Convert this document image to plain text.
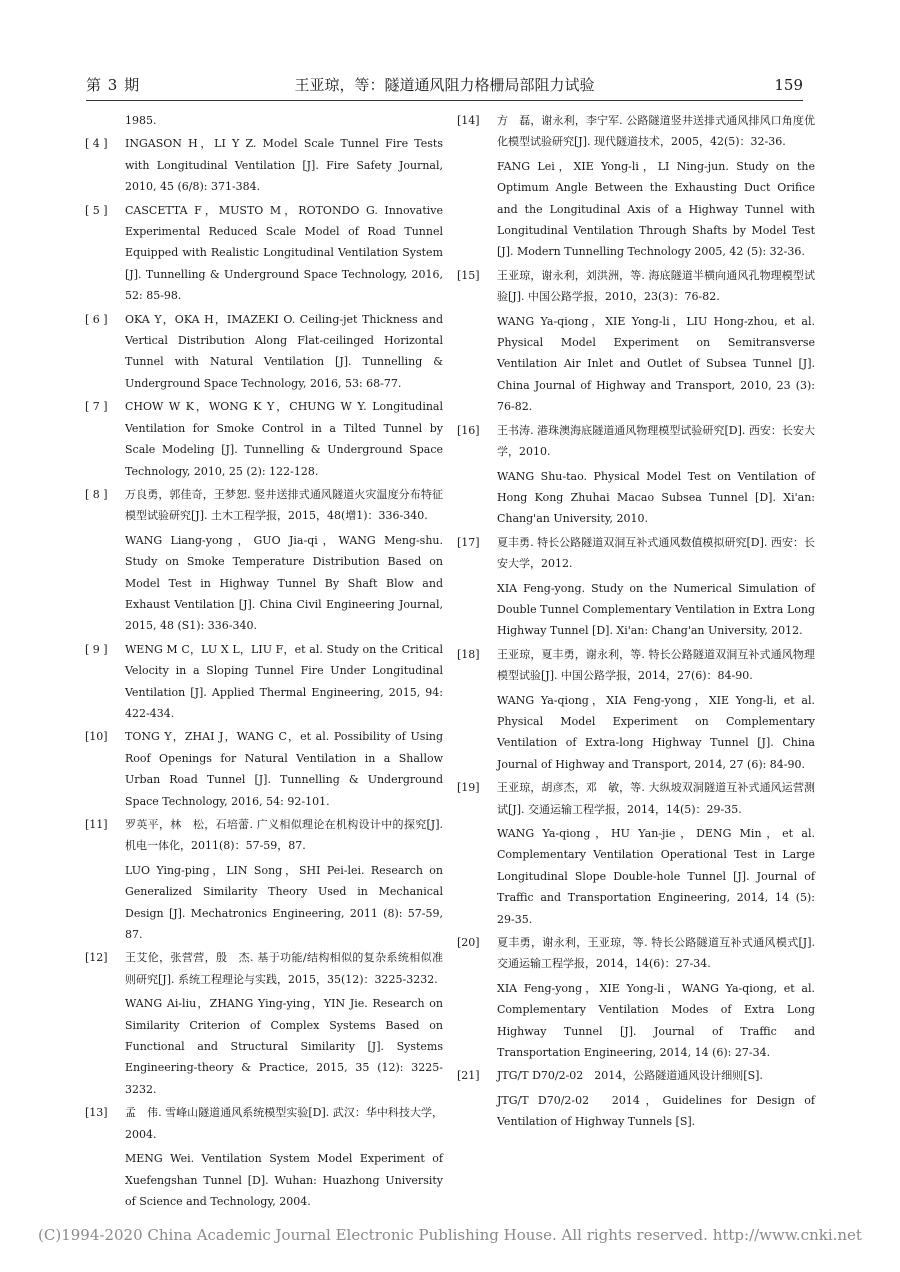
第 3 期	王亚琼，等：隧道通风阻力格栅局部阻力试验	159

1985.

[ 4 ]	INGASON H，LI Y Z. Model Scale Tunnel Fire Tests with Longitudinal Ventilation [J]. Fire Safety Journal, 2010, 45 (6/8): 371-384.

[ 5 ]	CASCETTA F，MUSTO M，ROTONDO G. Innovative Experimental Reduced Scale Model of Road Tunnel Equipped with Realistic Longitudinal Ventilation System [J]. Tunnelling & Underground Space Technology, 2016, 52: 85-98.

[ 6 ]	OKA Y，OKA H，IMAZEKI O. Ceiling-jet Thickness and Vertical Distribution Along Flat-ceilinged Horizontal Tunnel with Natural Ventilation [J]. Tunnelling & Underground Space Technology, 2016, 53: 68-77.

[ 7 ]	CHOW W K，WONG K Y，CHUNG W Y. Longitudinal Ventilation for Smoke Control in a Tilted Tunnel by Scale Modeling [J]. Tunnelling & Underground Space Technology, 2010, 25 (2): 122-128.

[ 8 ]	万良勇，郭佳奇，王梦恕. 竖井送排式通风隧道火灾温度分布特征模型试验研究[J]. 土木工程学报，2015，48(增1)：336-340.

WANG Liang-yong，GUO Jia-qi，WANG Meng-shu. Study on Smoke Temperature Distribution Based on Model Test in Highway Tunnel By Shaft Blow and Exhaust Ventilation [J]. China Civil Engineering Journal, 2015, 48 (S1): 336-340.

[ 9 ]	WENG M C，LU X L，LIU F，et al. Study on the Critical Velocity in a Sloping Tunnel Fire Under Longitudinal Ventilation [J]. Applied Thermal Engineering, 2015, 94: 422-434.

[10]	TONG Y，ZHAI J，WANG C，et al. Possibility of Using Roof Openings for Natural Ventilation in a Shallow Urban Road Tunnel [J]. Tunnelling & Underground Space Technology, 2016, 54: 92-101.

[11]	罗英平，林　松，石培蕾. 广义相似理论在机构设计中的探究[J]. 机电一体化，2011(8)：57-59，87.

LUO Ying-ping，LIN Song，SHI Pei-lei. Research on Generalized Similarity Theory Used in Mechanical Design [J]. Mechatronics Engineering, 2011 (8): 57-59, 87.

[12]	王艾伦，张营营，殷　杰. 基于功能/结构相似的复杂系统相似准则研究[J]. 系统工程理论与实践，2015，35(12)：3225-3232.

WANG Ai-liu，ZHANG Ying-ying，YIN Jie. Research on Similarity Criterion of Complex Systems Based on Functional and Structural Similarity [J]. Systems Engineering-theory & Practice, 2015, 35 (12): 3225-3232.

[13]	孟　伟. 雪峰山隧道通风系统模型实验[D]. 武汉：华中科技大学，2004.

MENG Wei. Ventilation System Model Experiment of Xuefengshan Tunnel [D]. Wuhan: Huazhong University of Science and Technology, 2004.

[14]	方　磊，谢永利，李宁军. 公路隧道竖井送排式通风排风口角度优化模型试验研究[J]. 现代隧道技术，2005，42(5)：32-36.

FANG Lei，XIE Yong-li，LI Ning-jun. Study on the Optimum Angle Between the Exhausting Duct Orifice and the Longitudinal Axis of a Highway Tunnel with Longitudinal Ventilation Through Shafts by Model Test [J]. Modern Tunnelling Technology 2005, 42 (5): 32-36.

[15]	王亚琼，谢永利，刘洪洲，等. 海底隧道半横向通风孔物理模型试验[J]. 中国公路学报，2010，23(3)：76-82.

WANG Ya-qiong，XIE Yong-li，LIU Hong-zhou, et al. Physical Model Experiment on Semitransverse Ventilation Air Inlet and Outlet of Subsea Tunnel [J]. China Journal of Highway and Transport, 2010, 23 (3): 76-82.

[16]	王书涛. 港珠澳海底隧道通风物理模型试验研究[D]. 西安：长安大学，2010.

WANG Shu-tao. Physical Model Test on Ventilation of Hong Kong Zhuhai Macao Subsea Tunnel [D]. Xi'an: Chang'an University, 2010.

[17]	夏丰勇. 特长公路隧道双洞互补式通风数值模拟研究[D]. 西安：长安大学，2012.

XIA Feng-yong. Study on the Numerical Simulation of Double Tunnel Complementary Ventilation in Extra Long Highway Tunnel [D]. Xi'an: Chang'an University, 2012.

[18]	王亚琼，夏丰勇，谢永利，等. 特长公路隧道双洞互补式通风物理模型试验[J]. 中国公路学报，2014，27(6)：84-90.

WANG Ya-qiong，XIA Feng-yong，XIE Yong-li, et al. Physical Model Experiment on Complementary Ventilation of Extra-long Highway Tunnel [J]. China Journal of Highway and Transport, 2014, 27 (6): 84-90.

[19]	王亚琼，胡彦杰，邓　敏，等. 大纵坡双洞隧道互补式通风运营测试[J]. 交通运输工程学报，2014，14(5)：29-35.

WANG Ya-qiong，HU Yan-jie，DENG Min，et al. Complementary Ventilation Operational Test in Large Longitudinal Slope Double-hole Tunnel [J]. Journal of Traffic and Transportation Engineering, 2014, 14 (5): 29-35.

[20]	夏丰勇，谢永利，王亚琼，等. 特长公路隧道互补式通风模式[J]. 交通运输工程学报，2014，14(6)：27-34.

XIA Feng-yong，XIE Yong-li，WANG Ya-qiong, et al. Complementary Ventilation Modes of Extra Long Highway Tunnel [J]. Journal of Traffic and Transportation Engineering, 2014, 14 (6): 27-34.

[21]	JTG/T D70/2-02　2014，公路隧道通风设计细则[S].

JTG/T D70/2-02　2014，Guidelines for Design of Ventilation of Highway Tunnels [S].

(C)1994-2020 China Academic Journal Electronic Publishing House. All rights reserved. http://www.cnki.net
